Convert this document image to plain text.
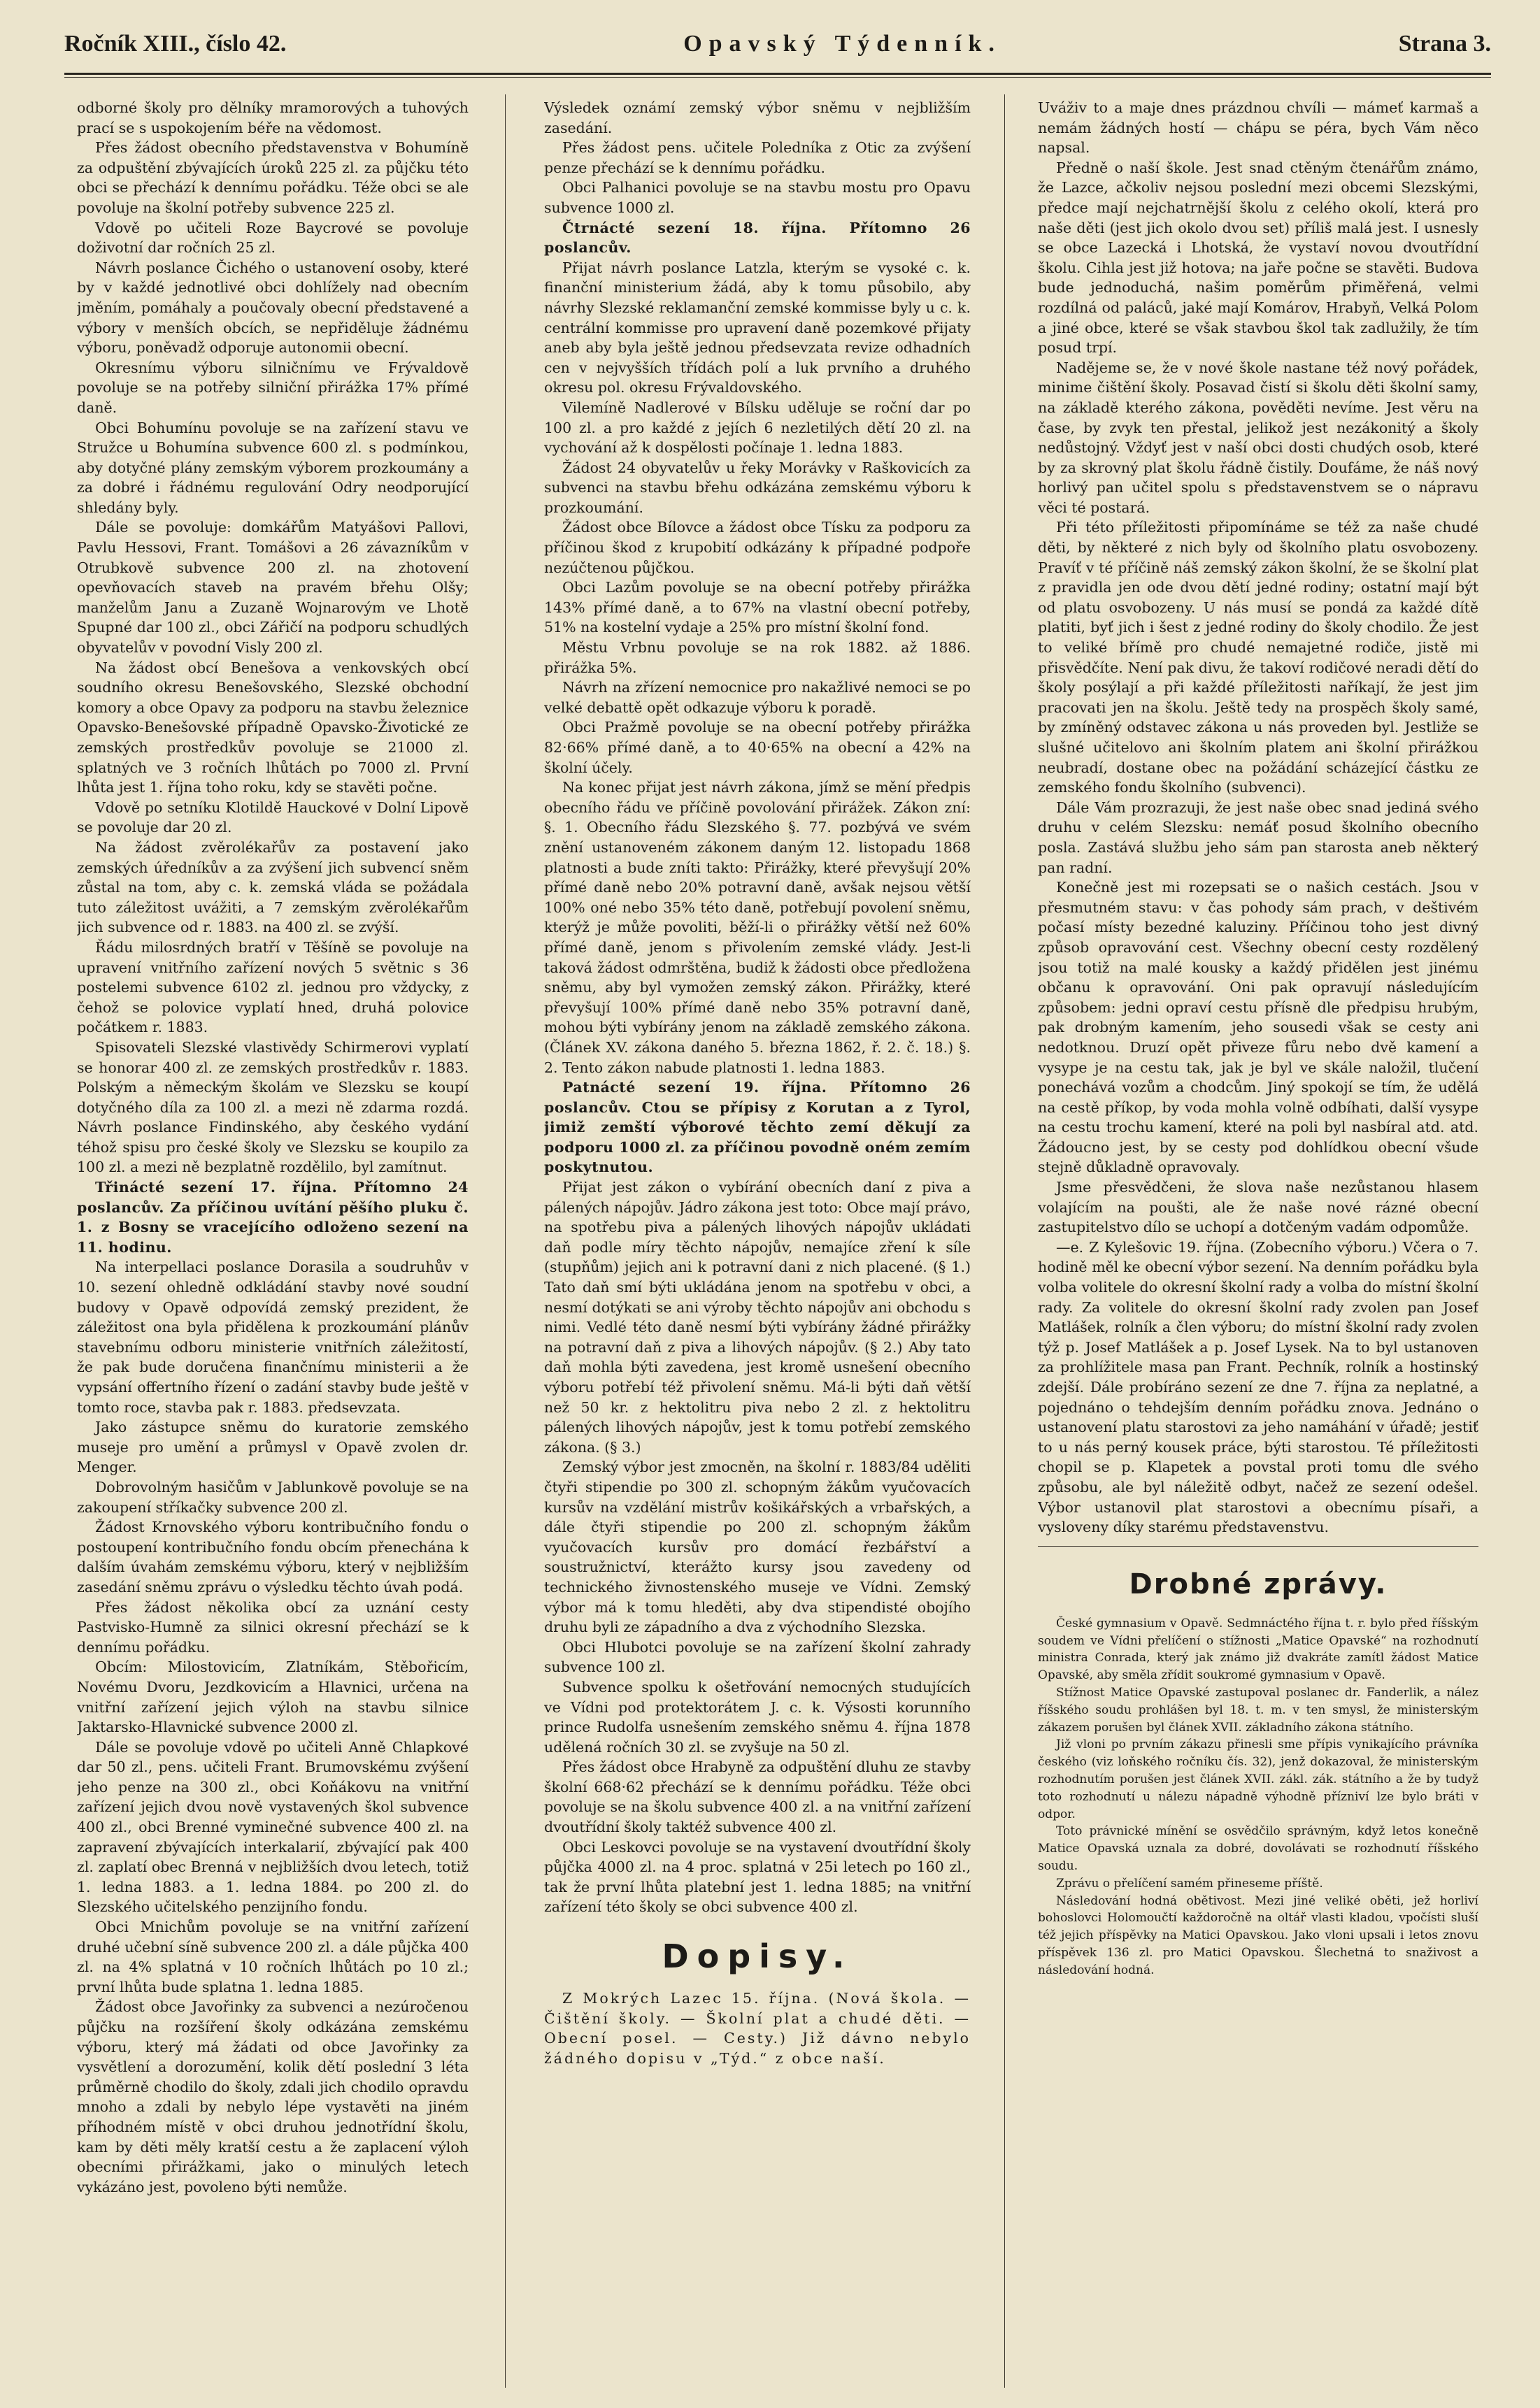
Ročník XIII., číslo 42.	Opavský Týdenník.	Strana 3.

odborné školy pro dělníky mramorových a tuhových prací se s uspokojením béře na vědomost.

Přes žádost obecního představenstva v Bohumíně za odpuštění zbývajících úroků 225 zl. za půjčku této obci se přechází k dennímu pořádku. Téže obci se ale povoluje na školní potřeby subvence 225 zl.

Vdově po učiteli Roze Baycrové se povoluje doživotní dar ročních 25 zl.

Návrh poslance Čichého o ustanovení osoby, které by v každé jednotlivé obci dohlížely nad obecním jměním, pomáhaly a poučovaly obecní představené a výbory v menších obcích, se nepřiděluje žádnému výboru, poněvadž odporuje autonomii obecní.

Okresnímu výboru silničnímu ve Frývaldově povoluje se na potřeby silniční přirážka 17% přímé daně.

Obci Bohumínu povoluje se na zařízení stavu ve Stružce u Bohumína subvence 600 zl. s podmínkou, aby dotyčné plány zemským výborem prozkoumány a za dobré i řádnému regulování Odry neodporující shledány byly.

Dále se povoluje: domkářům Matyášovi Pallovi, Pavlu Hessovi, Frant. Tomášovi a 26 závazníkům v Otrubkově subvence 200 zl. na zhotovení opevňovacích staveb na pravém břehu Olšy; manželům Janu a Zuzaně Wojnarovým ve Lhotě Spupné dar 100 zl., obci Zářičí na podporu schudlých obyvatelův v povodní Visly 200 zl.

Na žádost obcí Benešova a venkovských obcí soudního okresu Benešovského, Slezské obchodní komory a obce Opavy za podporu na stavbu železnice Opavsko-Benešovské případně Opavsko-Životické ze zemských prostředkův povoluje se 21000 zl. splatných ve 3 ročních lhůtách po 7000 zl. První lhůta jest 1. října toho roku, kdy se stavěti počne.

Vdově po setníku Klotildě Hauckové v Dolní Lipově se povoluje dar 20 zl.

Na žádost zvěrolékařův za postavení jako zemských úředníkův a za zvýšení jich subvencí sněm zůstal na tom, aby c. k. zemská vláda se požádala tuto záležitost uvážiti, a 7 zemským zvěrolékařům jich subvence od r. 1883. na 400 zl. se zvýší.

Řádu milosrdných bratří v Těšíně se povoluje na upravení vnitřního zařízení nových 5 světnic s 36 postelemi subvence 6102 zl. jednou pro vždycky, z čehož se polovice vyplatí hned, druhá polovice počátkem r. 1883.

Spisovateli Slezské vlastivědy Schirmerovi vyplatí se honorar 400 zl. ze zemských prostředkův r. 1883. Polským a německým školám ve Slezsku se koupí dotyčného díla za 100 zl. a mezi ně zdarma rozdá. Návrh poslance Findinského, aby českého vydání téhož spisu pro české školy ve Slezsku se koupilo za 100 zl. a mezi ně bezplatně rozdělilo, byl zamítnut.

Třinácté sezení 17. října. Přítomno 24 poslancův. Za příčinou uvítání pěšího pluku č. 1. z Bosny se vracejícího odloženo sezení na 11. hodinu.

Na interpellaci poslance Dorasila a soudruhův v 10. sezení ohledně odkládání stavby nové soudní budovy v Opavě odpovídá zemský prezident, že záležitost ona byla přidělena k prozkoumání plánův stavebnímu odboru ministerie vnitřních záležitostí, že pak bude doručena finančnímu ministerii a že vypsání offertního řízení o zadání stavby bude ještě v tomto roce, stavba pak r. 1883. předsevzata.

Jako zástupce sněmu do kuratorie zemského museje pro umění a průmysl v Opavě zvolen dr. Menger.

Dobrovolným hasičům v Jablunkově povoluje se na zakoupení stříkačky subvence 200 zl.

Žádost Krnovského výboru kontribučního fondu o postoupení kontribučního fondu obcím přenechána k dalším úvahám zemskému výboru, který v nejbližším zasedání sněmu zprávu o výsledku těchto úvah podá.

Přes žádost několika obcí za uznání cesty Pastvisko-Humně za silnici okresní přechází se k dennímu pořádku.

Obcím: Milostovicím, Zlatníkám, Stěbořicím, Novému Dvoru, Jezdkovicím a Hlavnici, určena na vnitřní zařízení jejich výloh na stavbu silnice Jaktarsko-Hlavnické subvence 2000 zl.

Dále se povoluje vdově po učiteli Anně Chlapkové dar 50 zl., pens. učiteli Frant. Brumovskému zvýšení jeho penze na 300 zl., obci Koňákovu na vnitřní zařízení jejich dvou nově vystavených škol subvence 400 zl., obci Brenné vyminečné subvence 400 zl. na zapravení zbývajících interkalarií, zbývající pak 400 zl. zaplatí obec Brenná v nejbližších dvou letech, totiž 1. ledna 1883. a 1. ledna 1884. po 200 zl. do Slezského učitelského penzijního fondu.

Obci Mnichům povoluje se na vnitřní zařízení druhé učební síně subvence 200 zl. a dále půjčka 400 zl. na 4% splatná v 10 ročních lhůtách po 10 zl.; první lhůta bude splatna 1. ledna 1885.

Žádost obce Javořinky za subvenci a nezúročenou půjčku na rozšíření školy odkázána zemskému výboru, který má žádati od obce Javořinky za vysvětlení a dorozumění, kolik dětí poslední 3 léta průměrně chodilo do školy, zdali jich chodilo opravdu mnoho a zdali by nebylo lépe vystavěti na jiném příhodném místě v obci druhou jednotřídní školu, kam by děti měly kratší cestu a že zaplacení výloh obecními přirážkami, jako o minulých letech vykázáno jest, povoleno býti nemůže.

Výsledek oznámí zemský výbor sněmu v nejbližším zasedání.

Přes žádost pens. učitele Poledníka z Otic za zvýšení penze přechází se k dennímu pořádku.

Obci Palhanici povoluje se na stavbu mostu pro Opavu subvence 1000 zl.

Čtrnácté sezení 18. října. Přítomno 26 poslancův.

Přijat návrh poslance Latzla, kterým se vysoké c. k. finanční ministerium žádá, aby k tomu působilo, aby návrhy Slezské reklamanční zemské kommisse byly u c. k. centrální kommisse pro upravení daně pozemkové přijaty aneb aby byla ještě jednou předsevzata revize odhadních cen v nejvyšších třídách polí a luk prvního a druhého okresu pol. okresu Frývaldovského.

Vilemíně Nadlerové v Bílsku uděluje se roční dar po 100 zl. a pro každé z jejích 6 nezletilých dětí 20 zl. na vychování až k dospělosti počínaje 1. ledna 1883.

Žádost 24 obyvatelův u řeky Morávky v Raškovicích za subvenci na stavbu břehu odkázána zemskému výboru k prozkoumání.

Žádost obce Bílovce a žádost obce Tísku za podporu za příčinou škod z krupobití odkázány k případné podpoře nezúčtenou půjčkou.

Obci Lazům povoluje se na obecní potřeby přirážka 143% přímé daně, a to 67% na vlastní obecní potřeby, 51% na kostelní vydaje a 25% pro místní školní fond.

Městu Vrbnu povoluje se na rok 1882. až 1886. přirážka 5%.

Návrh na zřízení nemocnice pro nakažlivé nemoci se po velké debattě opět odkazuje výboru k poradě.

Obci Pražmě povoluje se na obecní potřeby přirážka 82·66% přímé daně, a to 40·65% na obecní a 42% na školní účely.

Na konec přijat jest návrh zákona, jímž se mění předpis obecního řádu ve příčině povolování přirážek. Zákon zní: §. 1. Obecního řádu Slezského §. 77. pozbývá ve svém znění ustanoveném zákonem daným 12. listopadu 1868 platnosti a bude zníti takto: Přirážky, které převyšují 20% přímé daně nebo 20% potravní daně, avšak nejsou větší 100% oné nebo 35% této daně, potřebují povolení sněmu, kterýž je může povoliti, běží-li o přirážky větší než 60% přímé daně, jenom s přivolením zemské vlády. Jest-li taková žádost odmrštěna, budiž k žádosti obce předložena sněmu, aby byl vymožen zemský zákon. Přirážky, které převyšují 100% přímé daně nebo 35% potravní daně, mohou býti vybírány jenom na základě zemského zákona. (Článek XV. zákona daného 5. března 1862, ř. 2. č. 18.) §. 2. Tento zákon nabude platnosti 1. ledna 1883.

Patnácté sezení 19. října. Přítomno 26 poslancův. Ctou se přípisy z Korutan a z Tyrol, jimiž zemští výborové těchto zemí děkují za podporu 1000 zl. za příčinou povodně oném zemím poskytnutou.

Přijat jest zákon o vybírání obecních daní z piva a pálených nápojův. Jádro zákona jest toto: Obce mají právo, na spotřebu piva a pálených lihových nápojův ukládati daň podle míry těchto nápojův, nemajíce zření k síle (stupňům) jejich ani k potravní dani z nich placené. (§ 1.) Tato daň smí býti ukládána jenom na spotřebu v obci, a nesmí dotýkati se ani výroby těchto nápojův ani obchodu s nimi. Vedlé této daně nesmí býti vybírány žádné přirážky na potravní daň z piva a lihových nápojův. (§ 2.) Aby tato daň mohla býti zavedena, jest kromě usnešení obecního výboru potřebí též přivolení sněmu. Má-li býti daň větší než 50 kr. z hektolitru piva nebo 2 zl. z hektolitru pálených lihových nápojův, jest k tomu potřebí zemského zákona. (§ 3.)

Zemský výbor jest zmocněn, na školní r. 1883/84 uděliti čtyři stipendie po 300 zl. schopným žákům vyučovacích kursův na vzdělání mistrův košikářských a vrbařských, a dále čtyři stipendie po 200 zl. schopným žákům vyučovacích kursův pro domácí řezbářství a soustružnictví, kterážto kursy jsou zavedeny od technického živnostenského museje ve Vídni. Zemský výbor má k tomu hleděti, aby dva stipendisté obojího druhu byli ze západního a dva z východního Slezska.

Obci Hlubotci povoluje se na zařízení školní zahrady subvence 100 zl.

Subvence spolku k ošetřování nemocných studujících ve Vídni pod protektorátem J. c. k. Výsosti korunního prince Rudolfa usnešením zemského sněmu 4. října 1878 udělená ročních 30 zl. se zvyšuje na 50 zl.

Přes žádost obce Hrabyně za odpuštění dluhu ze stavby školní 668·62 přechází se k dennímu pořádku. Téže obci povoluje se na školu subvence 400 zl. a na vnitřní zařízení dvoutřídní školy taktéž subvence 400 zl.

Obci Leskovci povoluje se na vystavení dvoutřídní školy půjčka 4000 zl. na 4 proc. splatná v 25i letech po 160 zl., tak že první lhůta platební jest 1. ledna 1885; na vnitřní zařízení této školy se obci subvence 400 zl.

Dopisy.

Z Mokrých Lazec 15. října. (Nová škola. — Čištění školy. — Školní plat a chudé děti. — Obecní posel. — Cesty.) Již dávno nebylo žádného dopisu v „Týd.“ z obce naší.

Uváživ to a maje dnes prázdnou chvíli — mámeť karmaš a nemám žádných hostí — chápu se péra, bych Vám něco napsal.

Předně o naší škole. Jest snad ctěným čtenářům známo, že Lazce, ačkoliv nejsou poslední mezi obcemi Slezskými, předce mají nejchatrnější školu z celého okolí, která pro naše děti (jest jich okolo dvou set) příliš malá jest. I usnesly se obce Lazecká i Lhotská, že vystaví novou dvoutřídní školu. Cihla jest již hotova; na jaře počne se stavěti. Budova bude jednoduchá, našim poměrům přiměřená, velmi rozdílná od paláců, jaké mají Komárov, Hrabyň, Velká Polom a jiné obce, které se však stavbou škol tak zadlužily, že tím posud trpí.

Nadějeme se, že v nové škole nastane též nový pořádek, minime čištění školy. Posavad čistí si školu děti školní samy, na základě kterého zákona, pověděti nevíme. Jest věru na čase, by zvyk ten přestal, jelikož jest nezákonitý a školy nedůstojný. Vždyť jest v naší obci dosti chudých osob, které by za skrovný plat školu řádně čistily. Doufáme, že náš nový horlivý pan učitel spolu s představenstvem se o nápravu věci té postará.

Při této příležitosti připomínáme se též za naše chudé děti, by některé z nich byly od školního platu osvobozeny. Pravíť v té příčině náš zemský zákon školní, že se školní plat z pravidla jen ode dvou dětí jedné rodiny; ostatní mají být od platu osvobozeny. U nás musí se pondá za každé dítě platiti, byť jich i šest z jedné rodiny do školy chodilo. Že jest to veliké břímě pro chudé nemajetné rodiče, jistě mi přisvědčíte. Není pak divu, že takoví rodičové neradi dětí do školy posýlají a při každé příležitosti naříkají, že jest jim pracovati jen na školu. Ještě tedy na prospěch školy samé, by zmíněný odstavec zákona u nás proveden byl. Jestliže se slušné učitelovo ani školním platem ani školní přirážkou neubradí, dostane obec na požádání scházející částku ze zemského fondu školního (subvenci).

Dále Vám prozrazuji, že jest naše obec snad jediná svého druhu v celém Slezsku: nemáť posud školního obecního posla. Zastává službu jeho sám pan starosta aneb některý pan radní.

Konečně jest mi rozepsati se o našich cestách. Jsou v přesmutném stavu: v čas pohody sám prach, v deštivém počasí místy bezedné kaluziny. Příčinou toho jest divný způsob opravování cest. Všechny obecní cesty rozdělený jsou totiž na malé kousky a každý přidělen jest jinému občanu k opravování. Oni pak opravují následujícím způsobem: jedni opraví cestu přísně dle předpisu hrubým, pak drobným kamením, jeho sousedi však se cesty ani nedotknou. Druzí opět přiveze fůru nebo dvě kamení a vysype je na cestu tak, jak je byl ve skále naložil, tlučení ponechává vozům a chodcům. Jiný spokojí se tím, že udělá na cestě příkop, by voda mohla volně odbíhati, další vysype na cestu trochu kamení, které na poli byl nasbíral atd. atd. Žádoucno jest, by se cesty pod dohlídkou obecní všude stejně důkladně opravovaly.

Jsme přesvědčeni, že slova naše nezůstanou hlasem volajícím na poušti, ale že naše nové rázné obecní zastupitelstvo dílo se uchopí a dotčeným vadám odpomůže.

—e. Z Kylešovic 19. října. (Zobecního výboru.) Včera o 7. hodině měl ke obecní výbor sezení. Na denním pořádku byla volba volitele do okresní školní rady a volba do místní školní rady. Za volitele do okresní školní rady zvolen pan Josef Matlášek, rolník a člen výboru; do místní školní rady zvolen týž p. Josef Matlášek a p. Josef Lysek. Na to byl ustanoven za prohlížitele masa pan Frant. Pechník, rolník a hostinský zdejší. Dále probíráno sezení ze dne 7. října za neplatné, a pojednáno o tehdejším denním pořádku znova. Jednáno o ustanovení platu starostovi za jeho namáhání v úřadě; jestiť to u nás perný kousek práce, býti starostou. Té příležitosti chopil se p. Klapetek a povstal proti tomu dle svého způsobu, ale byl náležitě odbyt, načež ze sezení odešel. Výbor ustanovil plat starostovi a obecnímu písaři, a vysloveny díky starému představenstvu.

Drobné zprávy.

České gymnasium v Opavě. Sedmnáctého října t. r. bylo před říšským soudem ve Vídni přelíčení o stížnosti „Matice Opavské“ na rozhodnutí ministra Conrada, který jak známo již dvakráte zamítl žádost Matice Opavské, aby směla zřídit soukromé gymnasium v Opavě.

Stížnost Matice Opavské zastupoval poslanec dr. Fanderlik, a nález říšského soudu prohlášen byl 18. t. m. v ten smysl, že ministerským zákazem porušen byl článek XVII. základního zákona státního.

Již vloni po prvním zákazu přinesli sme přípis vynikajícího právníka českého (viz loňského ročníku čís. 32), jenž dokazoval, že ministerským rozhodnutím porušen jest článek XVII. zákl. zák. státního a že by tudyž toto rozhodnutí u nálezu nápadně výhodně přízniví lze bylo bráti v odpor.

Toto právnické mínění se osvědčilo správným, když letos konečně Matice Opavská uznala za dobré, dovolávati se rozhodnutí říšského soudu.

Zprávu o přelíčení samém přineseme příště.

Následování hodná obětivost. Mezi jiné veliké oběti, jež horliví bohoslovci Holomoučtí každoročně na oltář vlasti kladou, vpočísti sluší též jejich příspěvky na Matici Opavskou. Jako vloni upsali i letos znovu příspěvek 136 zl. pro Matici Opavskou. Šlechetná to snaživost a následování hodná.
